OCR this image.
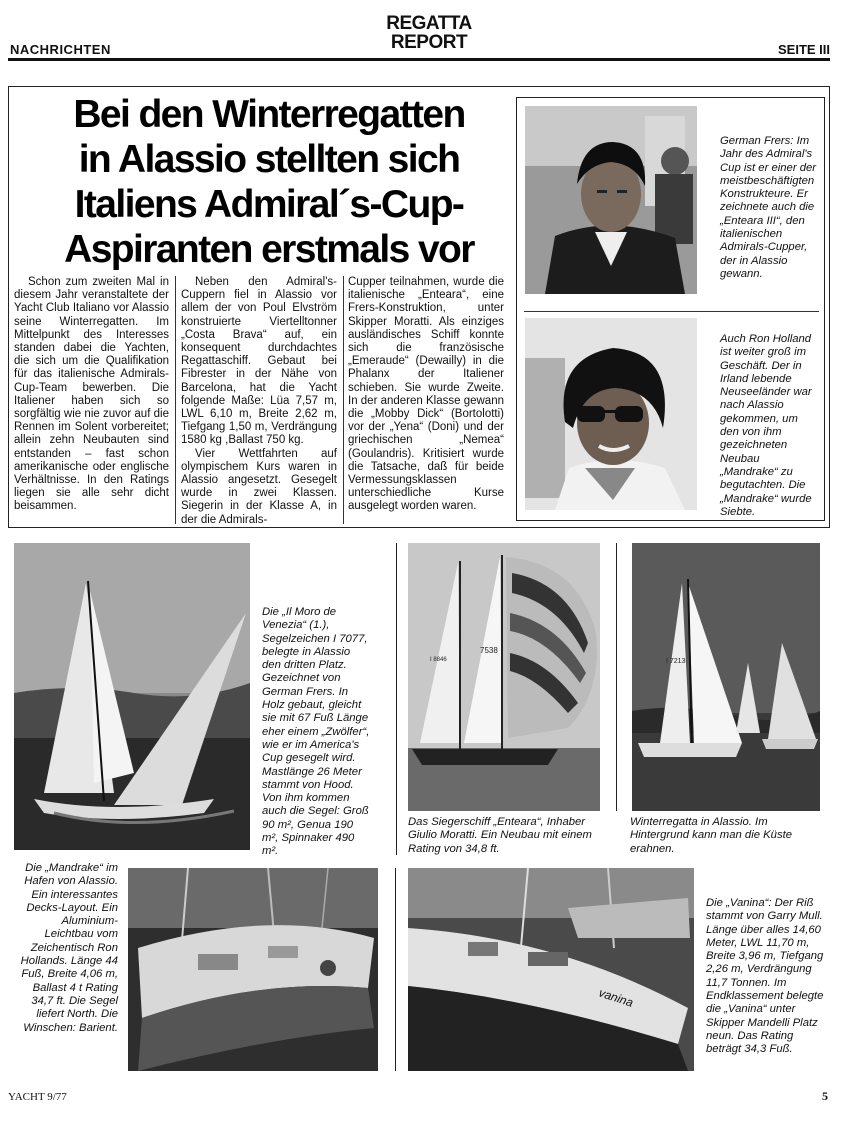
REGATTA
REPORT
NACHRICHTEN	SEITE III
Bei den Winterregatten
in Alassio stellten sich
Italiens Admiral´s-Cup-
Aspiranten erstmals vor

Schon zum zweiten Mal in diesem Jahr veranstaltete der Yacht Club Italiano vor Alassio seine Winterregatten. Im Mittelpunkt des Interesses standen dabei die Yachten, die sich um die Qualifikation für das italienische Admirals-Cup-Team bewerben. Die Italiener haben sich so sorgfältig wie nie zuvor auf die Rennen im Solent vorbereitet; allein zehn Neubauten sind entstanden – fast schon amerikanische oder englische Verhältnisse. In den Ratings liegen sie alle sehr dicht beisammen.

Neben den Admiral's-Cuppern fiel in Alassio vor allem der von Poul Elvström konstruierte Viertelltonner „Costa Brava“ auf, ein konsequent durchdachtes Regattaschiff. Gebaut bei Fibrester in der Nähe von Barcelona, hat die Yacht folgende Maße: Lüa 7,57 m, LWL 6,10 m, Breite 2,62 m, Tiefgang 1,50 m, Verdrängung 1580 kg ,Ballast 750 kg.

Vier Wettfahrten auf olympischem Kurs waren in Alassio angesetzt. Gesegelt wurde in zwei Klassen. Siegerin in der Klasse A, in der die Admirals-

Cupper teilnahmen, wurde die italienische „Enteara“, eine Frers-Konstruktion, unter Skipper Moratti. Als einziges ausländisches Schiff konnte sich die französische „Emeraude“ (Dewailly) in die Phalanx der Italiener schieben. Sie wurde Zweite. In der anderen Klasse gewann die „Mobby Dick“ (Bortolotti) vor der „Yena“ (Doni) und der griechischen „Nemea“ (Goulandris). Kritisiert wurde die Tatsache, daß für beide Vermessungsklassen unterschiedliche Kurse ausgelegt worden waren.

German Frers: Im Jahr des Admiral's Cup ist er einer der meistbeschäftigten Konstrukteure. Er zeichnete auch die „Enteara III“, den italienischen Admirals-Cupper, der in Alassio gewann.
Auch Ron Holland ist weiter groß im Geschäft. Der in Irland lebende Neuseeländer war nach Alassio gekommen, um den von ihm gezeichneten Neubau „Mandrake“ zu begutachten. Die „Mandrake“ wurde Siebte.
Die „Il Moro de Venezia“ (1.), Segelzeichen I 7077, belegte in Alassio den dritten Platz. Gezeichnet von German Frers. In Holz gebaut, gleicht sie mit 67 Fuß Länge eher einem „Zwölfer“, wie er im America's Cup gesegelt wird. Mastlänge 26 Meter stammt von Hood. Von ihm kommen auch die Segel: Groß 90 m², Genua 190 m², Spinnaker 490 m².
7538
I 8846
Das Siegerschiff „Enteara“, Inhaber Giulio Moratti. Ein Neubau mit einem Rating von 34,8 ft.
I 7213
Winterregatta in Alassio. Im Hintergrund kann man die Küste erahnen.
Die „Mandrake“ im Hafen von Alassio. Ein interessantes Decks-Layout. Ein Aluminium-Leichtbau vom Zeichentisch Ron Hollands. Länge 44 Fuß, Breite 4,06 m, Ballast 4 t Rating 34,7 ft. Die Segel liefert North. Die Winschen: Barient.
vanina
Die „Vanina“: Der Riß stammt von Garry Mull. Länge über alles 14,60 Meter, LWL 11,70 m, Breite 3,96 m, Tiefgang 2,26 m, Verdrängung 11,7 Tonnen. Im Endklassement belegte die „Vanina“ unter Skipper Mandelli Platz neun. Das Rating beträgt 34,3 Fuß.
YACHT 9/77	5
